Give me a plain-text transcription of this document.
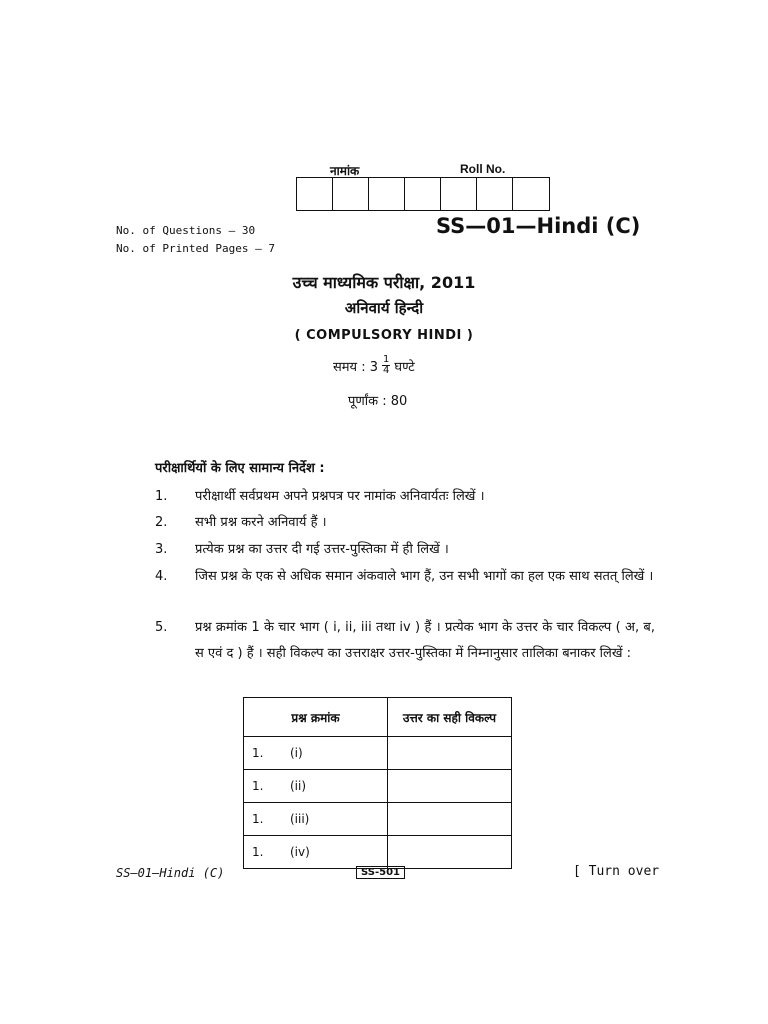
नामांक	Roll No.
No. of Questions — 30
No. of Printed Pages — 7
SS—01—Hindi (C)
उच्च माध्यमिक परीक्षा, 2011
अनिवार्य हिन्दी
( COMPULSORY HINDI )
समय : $3 \frac{1}{4}$ घण्टे
पूर्णांक : 80
परीक्षार्थियों के लिए सामान्य निर्देश :
1. परीक्षार्थी सर्वप्रथम अपने प्रश्नपत्र पर नामांक अनिवार्यतः लिखें ।
2. सभी प्रश्न करने अनिवार्य हैं ।
3. प्रत्येक प्रश्न का उत्तर दी गई उत्तर-पुस्तिका में ही लिखें ।
4. जिस प्रश्न के एक से अधिक समान अंकवाले भाग हैं, उन सभी भागों का हल एक साथ सतत् लिखें ।
5. प्रश्न क्रमांक 1 के चार भाग ( i, ii, iii तथा iv ) हैं । प्रत्येक भाग के उत्तर के चार विकल्प ( अ, ब, स एवं द ) हैं । सही विकल्प का उत्तराक्षर उत्तर-पुस्तिका में निम्नानुसार तालिका बनाकर लिखें :
प्रश्न क्रमांक	उत्तर का सही विकल्प
1. (i)	
1. (ii)	
1. (iii)	
1. (iv)	
SS—01—Hindi (C)	SS-501	[ Turn over
